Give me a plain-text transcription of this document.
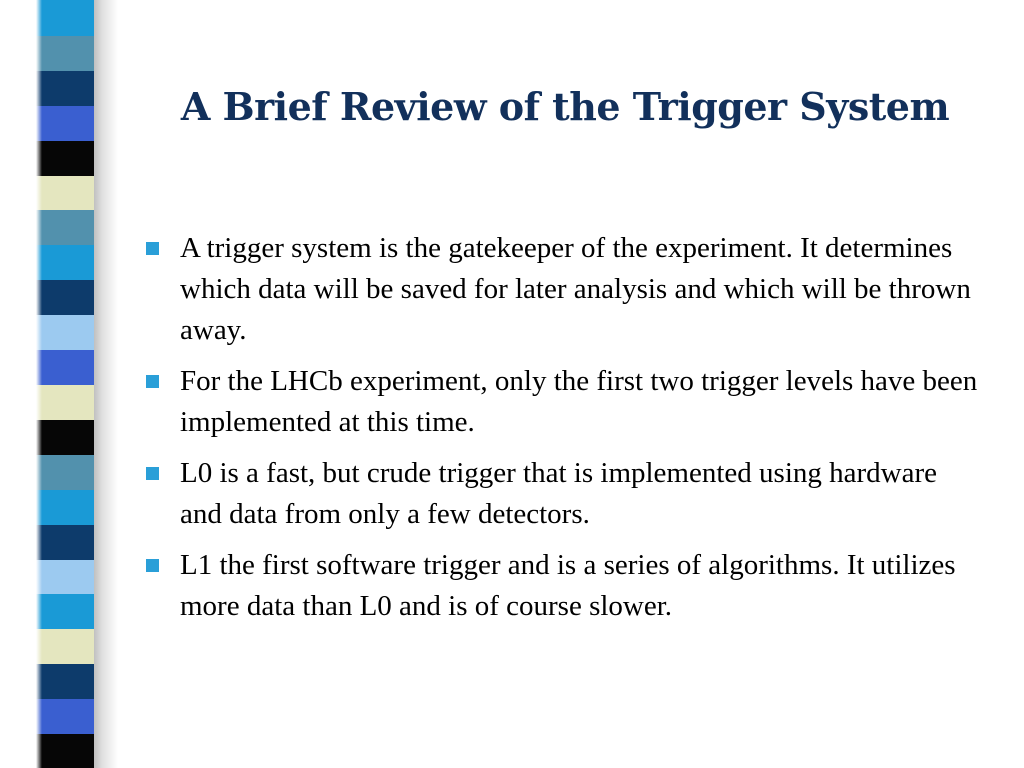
A Brief Review of the Trigger System
A trigger system is the gatekeeper of the experiment. It determines which data will be saved for later analysis and which will be thrown away.
For the LHCb experiment, only the first two trigger levels have been implemented at this time.
L0 is a fast, but crude trigger that is implemented using hardware and data from only a few detectors.
L1 the first software trigger and is a series of algorithms. It utilizes more data than L0 and is of course slower.
